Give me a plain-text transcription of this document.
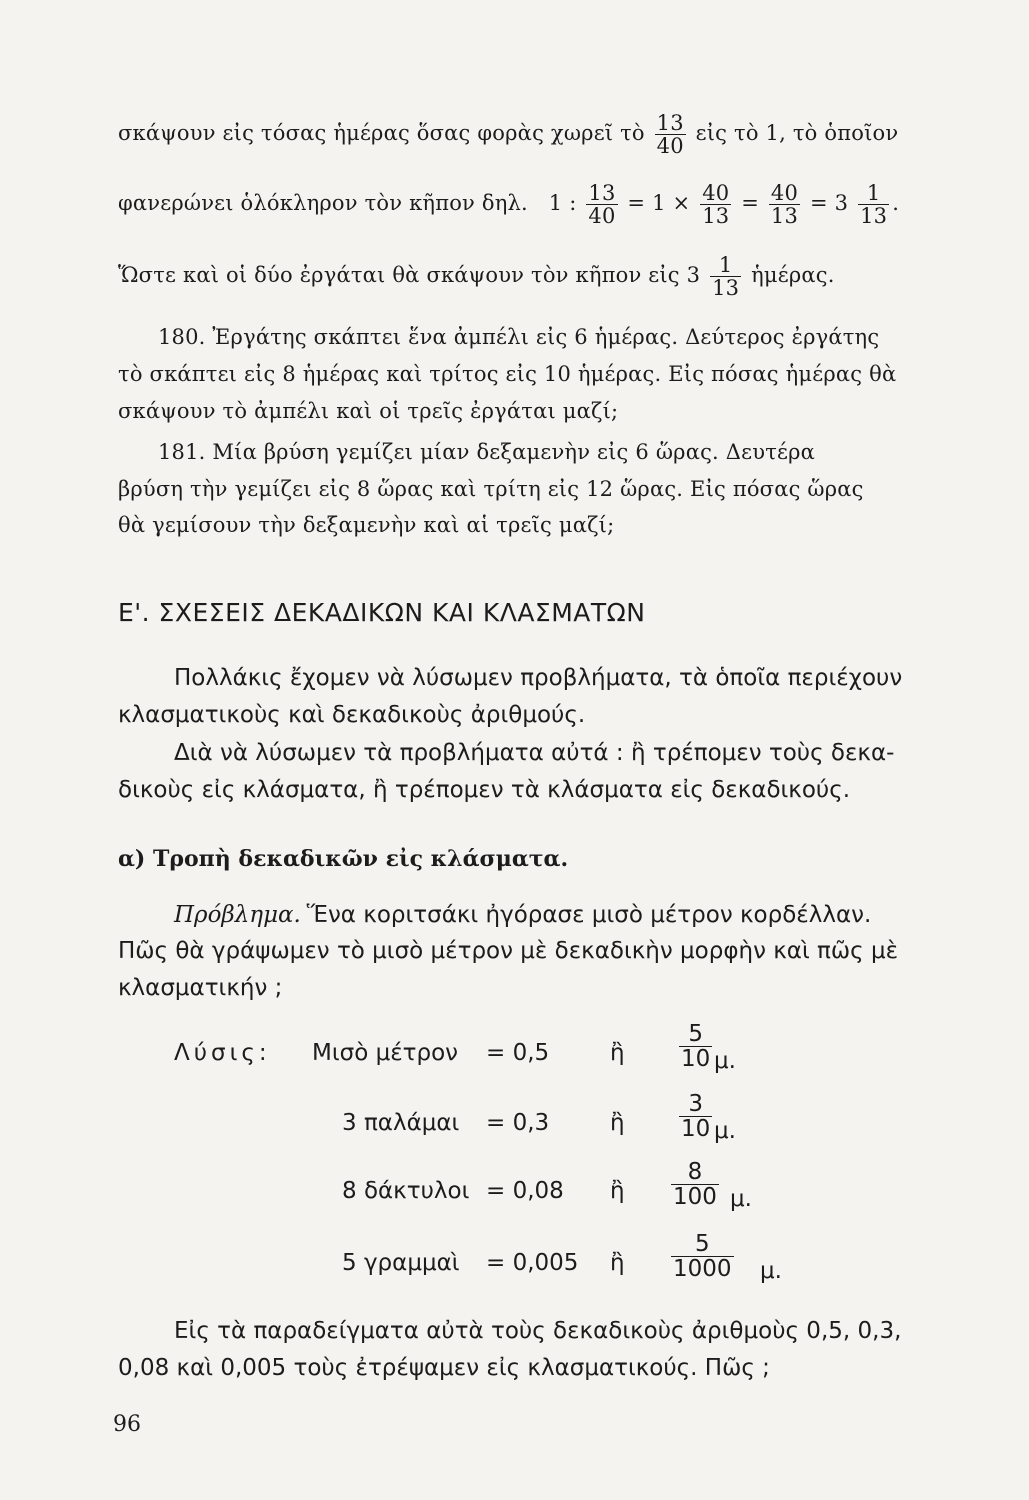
σκάψουν εἰς τόσας ἡμέρας ὅσας φορὰς χωρεῖ τὸ $\frac{13}{40}$ εἰς τὸ 1, τὸ ὁποῖον
φανερώνει ὁλόκληρον τὸν κῆπον δηλ. 1 : $\frac{13}{40} = 1 \times \frac{40}{13} = \frac{40}{13} = 3 \frac{1}{13}$ .
Ὥστε καὶ οἱ δύο ἐργάται θὰ σκάψουν τὸν κῆπον εἰς $3 \frac{1}{13}$ ἡμέρας.
180. Ἐργάτης σκάπτει ἕνα ἀμπέλι εἰς 6 ἡμέρας. Δεύτερος ἐργάτης
τὸ σκάπτει εἰς 8 ἡμέρας καὶ τρίτος εἰς 10 ἡμέρας. Εἰς πόσας ἡμέρας θὰ
σκάψουν τὸ ἀμπέλι καὶ οἱ τρεῖς ἐργάται μαζί;
181. Μία βρύση γεμίζει μίαν δεξαμενὴν εἰς 6 ὥρας. Δευτέρα
βρύση τὴν γεμίζει εἰς 8 ὥρας καὶ τρίτη εἰς 12 ὥρας. Εἰς πόσας ὥρας
θὰ γεμίσουν τὴν δεξαμενὴν καὶ αἱ τρεῖς μαζί;
Ε'. ΣΧΕΣΕΙΣ ΔΕΚΑΔΙΚΩΝ ΚΑΙ ΚΛΑΣΜΑΤΩΝ
Πολλάκις ἔχομεν νὰ λύσωμεν προβλήματα, τὰ ὁποῖα περιέχουν
κλασματικοὺς καὶ δεκαδικοὺς ἀριθμούς.
Διὰ νὰ λύσωμεν τὰ προβλήματα αὐτά : ἢ τρέπομεν τοὺς δεκα-
δικοὺς εἰς κλάσματα, ἢ τρέπομεν τὰ κλάσματα εἰς δεκαδικούς.
α) Τροπὴ δεκαδικῶν εἰς κλάσματα.
Πρόβλημα. Ἕνα κοριτσάκι ἠγόρασε μισὸ μέτρον κορδέλλαν.
Πῶς θὰ γράψωμεν τὸ μισὸ μέτρον μὲ δεκαδικὴν μορφὴν καὶ πῶς μὲ
κλασματικήν ;
Λύσις: Μισὸ μέτρον = 0,5	ἢ $\frac{5}{10} \mu$.
3 παλάμαι = 0,3	ἢ $\frac{3}{10} \mu$.
8 δάκτυλοι = 0,08 ἢ $\frac{8}{100} \mu$.
5 γραμμαὶ = 0,005 ἢ $\frac{5}{1000} \mu$.
Εἰς τὰ παραδείγματα αὐτὰ τοὺς δεκαδικοὺς ἀριθμοὺς 0,5, 0,3,
0,08 καὶ 0,005 τοὺς ἐτρέψαμεν εἰς κλασματικούς. Πῶς ;
96
